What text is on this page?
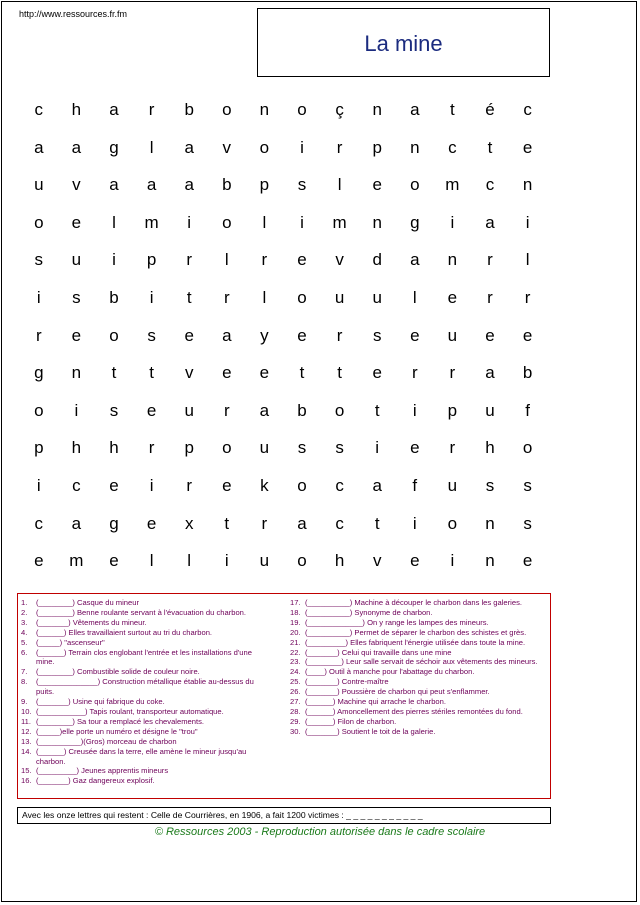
http://www.ressources.fr.fm
La mine
c	h	a	r	b	o	n	o	ç	n	a	t	é	c
a	a	g	l	a	v	o	i	r	p	n	c	t	e
u	v	a	a	a	b	p	s	l	e	o	m	c	n
o	e	l	m	i	o	l	i	m	n	g	i	a	i
s	u	i	p	r	l	r	e	v	d	a	n	r	l
i	s	b	i	t	r	l	o	u	u	l	e	r	r
r	e	o	s	e	a	y	e	r	s	e	u	e	e
g	n	t	t	v	e	e	t	t	e	r	r	a	b
o	i	s	e	u	r	a	b	o	t	i	p	u	f
p	h	h	r	p	o	u	s	s	i	e	r	h	o
i	c	e	i	r	e	k	o	c	a	f	u	s	s
c	a	g	e	x	t	r	a	c	t	i	o	n	s
e	m	e	l	l	i	u	o	h	v	e	i	n	e
1. (________) Casque du mineur
2. (________) Benne roulante servant à l'évacuation du charbon.
3. (_______) Vêtements du mineur.
4. (______) Elles travaillaient surtout au tri du charbon.
5. (_____) "ascenseur"
6. (______) Terrain clos englobant l'entrée et les installations d'une mine.
7. (________) Combustible solide de couleur noire.
8. (______________) Construction métallique établie au-dessus du puits.
9. (_______) Usine qui fabrique du coke.
10. (___________) Tapis roulant, transporteur automatique.
11. (________) Sa tour a remplacé les chevalements.
12. (_____)elle porte un numéro et désigne le "trou"
13. (__________)(Gros) morceau de charbon
14. (______) Creusée dans la terre, elle amène le mineur jusqu'au charbon.
15. (_________) Jeunes apprentis mineurs
16. (_______) Gaz dangereux explosif.
17. (__________) Machine à découper le charbon dans les galeries.
18. (__________) Synonyme de charbon.
19. (_____________) On y range les lampes des mineurs.
20. (__________) Permet de séparer le charbon des schistes et grès.
21. (_________) Elles fabriquent l'énergie utilisée dans toute la mine.
22. (_______) Celui qui travaille dans une mine
23. (________) Leur salle servait de séchoir aux vêtements des mineurs.
24. (____) Outil à manche pour l'abattage du charbon.
25. (_______) Contre-maître
26. (_______) Poussière de charbon qui peut s'enflammer.
27. (______) Machine qui arrache le charbon.
28. (______) Amoncellement des pierres stériles remontées du fond.
29. (______) Filon de charbon.
30. (_______) Soutient le toit de la galerie.
Avec les onze lettres qui restent : Celle de Courrières, en 1906, a fait 1200 victimes : _ _ _ _ _ _ _ _ _ _ _
© Ressources 2003 - Reproduction autorisée dans le cadre scolaire
